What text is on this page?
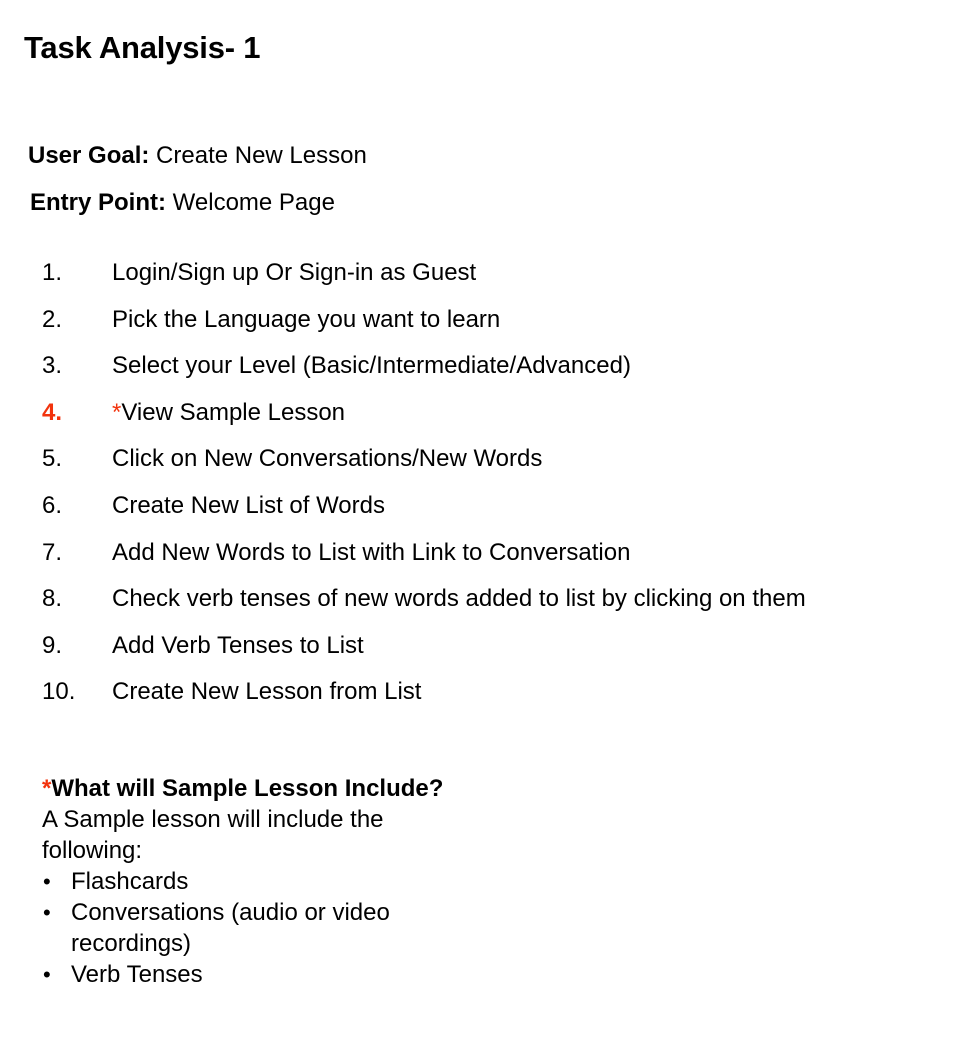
Task Analysis- 1
User Goal: Create New Lesson
Entry Point: Welcome Page
1. Login/Sign up Or Sign-in as Guest
2. Pick the Language you want to learn
3. Select your Level (Basic/Intermediate/Advanced)
4. *View Sample Lesson
5. Click on New Conversations/New Words
6. Create New List of Words
7. Add New Words to List with Link to Conversation
8. Check verb tenses of new words added to list by clicking on them
9. Add Verb Tenses to List
10. Create New Lesson from List
*What will Sample Lesson Include?

A Sample lesson will include the following:

• Flashcards
• Conversations (audio or video recordings)
• Verb Tenses
